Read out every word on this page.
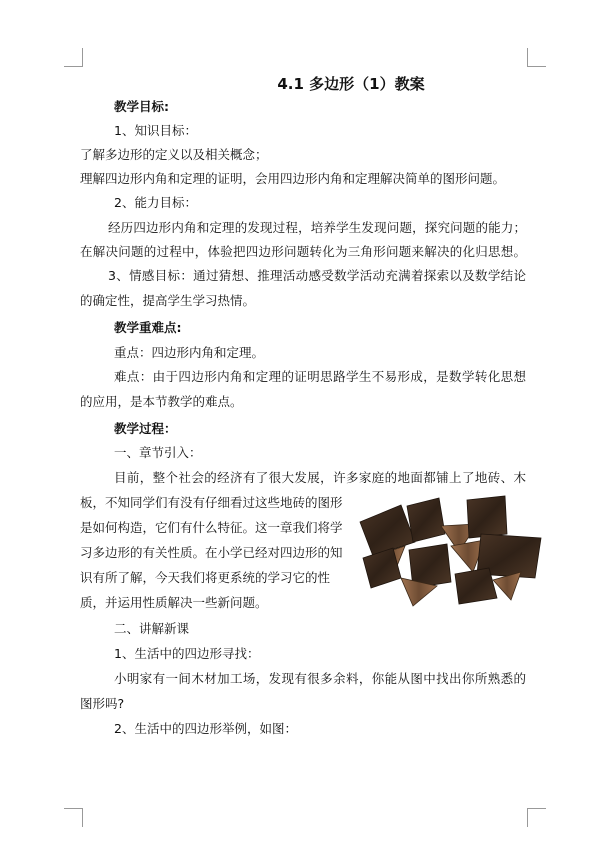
4.1 多边形（1）教案
教学目标:
1、知识目标：
了解多边形的定义以及相关概念；
理解四边形内角和定理的证明，会用四边形内角和定理解决简单的图形问题。
2、能力目标：
经历四边形内角和定理的发现过程，培养学生发现问题，探究问题的能力；
在解决问题的过程中，体验把四边形问题转化为三角形问题来解决的化归思想。
3、情感目标：通过猜想、推理活动感受数学活动充满着探索以及数学结论
的确定性，提高学生学习热情。
教学重难点:
重点：四边形内角和定理。
难点：由于四边形内角和定理的证明思路学生不易形成，是数学转化思想
的应用，是本节教学的难点。
教学过程：
一、章节引入：
目前，整个社会的经济有了很大发展，许多家庭的地面都铺上了地砖、木
板，不知同学们有没有仔细看过这些地砖的图形
是如何构造，它们有什么特征。这一章我们将学
习多边形的有关性质。在小学已经对四边形的知
识有所了解，今天我们将更系统的学习它的性
质，并运用性质解决一些新问题。
二、讲解新课
1、生活中的四边形寻找：
小明家有一间木材加工场，发现有很多余料，你能从图中找出你所熟悉的
图形吗?
2、生活中的四边形举例，如图：
